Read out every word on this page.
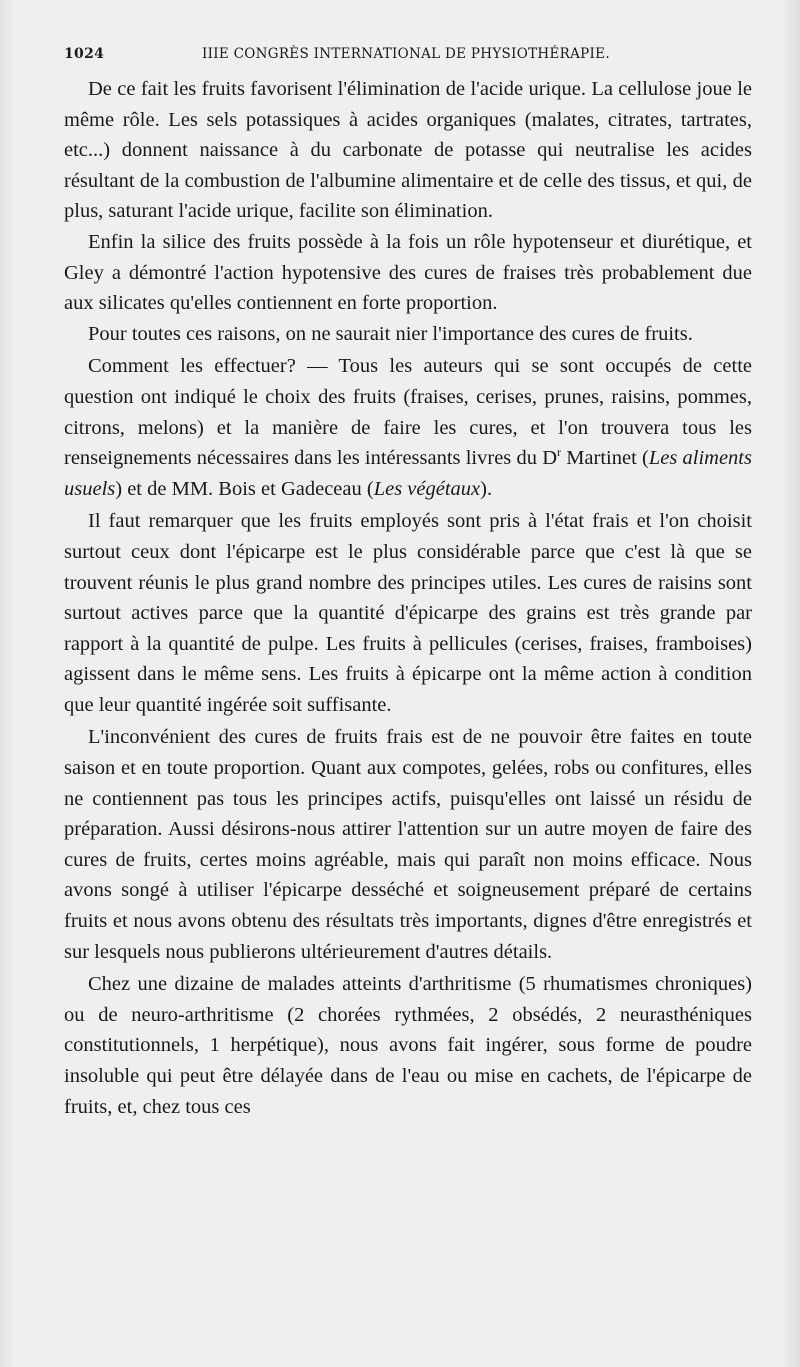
1024	IIIE CONGRÈS INTERNATIONAL DE PHYSIOTHÉRAPIE.

De ce fait les fruits favorisent l'élimination de l'acide urique. La cellulose joue le même rôle. Les sels potassiques à acides organiques (malates, citrates, tartrates, etc...) donnent naissance à du carbonate de potasse qui neutralise les acides résultant de la combustion de l'albumine alimentaire et de celle des tissus, et qui, de plus, saturant l'acide urique, facilite son élimination.

Enfin la silice des fruits possède à la fois un rôle hypotenseur et diurétique, et Gley a démontré l'action hypotensive des cures de fraises très probablement due aux silicates qu'elles contiennent en forte proportion.

Pour toutes ces raisons, on ne saurait nier l'importance des cures de fruits.

Comment les effectuer? — Tous les auteurs qui se sont occupés de cette question ont indiqué le choix des fruits (fraises, cerises, prunes, raisins, pommes, citrons, melons) et la manière de faire les cures, et l'on trouvera tous les renseignements nécessaires dans les intéressants livres du $D^r$ Martinet (Les aliments usuels) et de MM. Bois et Gadeceau (Les végétaux).

Il faut remarquer que les fruits employés sont pris à l'état frais et l'on choisit surtout ceux dont l'épicarpe est le plus considérable parce que c'est là que se trouvent réunis le plus grand nombre des principes utiles. Les cures de raisins sont surtout actives parce que la quantité d'épicarpe des grains est très grande par rapport à la quantité de pulpe. Les fruits à pellicules (cerises, fraises, framboises) agissent dans le même sens. Les fruits à épicarpe ont la même action à condition que leur quantité ingérée soit suffisante.

L'inconvénient des cures de fruits frais est de ne pouvoir être faites en toute saison et en toute proportion. Quant aux compotes, gelées, robs ou confitures, elles ne contiennent pas tous les principes actifs, puisqu'elles ont laissé un résidu de préparation. Aussi désirons-nous attirer l'attention sur un autre moyen de faire des cures de fruits, certes moins agréable, mais qui paraît non moins efficace. Nous avons songé à utiliser l'épicarpe desséché et soigneusement préparé de certains fruits et nous avons obtenu des résultats très importants, dignes d'être enregistrés et sur lesquels nous publierons ultérieurement d'autres détails.

Chez une dizaine de malades atteints d'arthritisme (5 rhumatismes chroniques) ou de neuro-arthritisme (2 chorées rythmées, 2 obsédés, 2 neurasthéniques constitutionnels, 1 herpétique), nous avons fait ingérer, sous forme de poudre insoluble qui peut être délayée dans de l'eau ou mise en cachets, de l'épicarpe de fruits, et, chez tous ces
